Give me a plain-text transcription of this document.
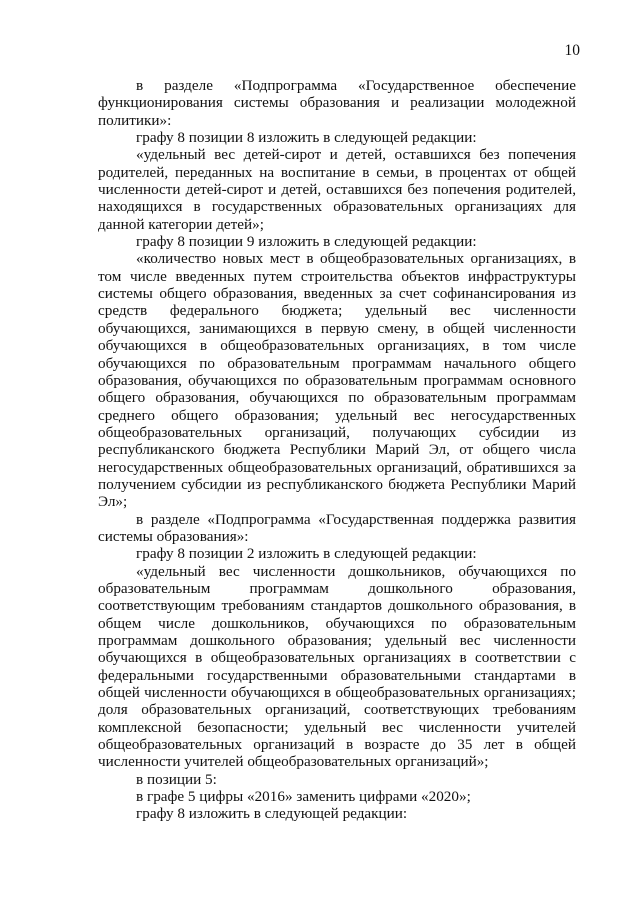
10

в разделе «Подпрограмма «Государственное обеспечение функционирования системы образования и реализации молодежной политики»:

графу 8 позиции 8 изложить в следующей редакции:

«удельный вес детей-сирот и детей, оставшихся без попечения родителей, переданных на воспитание в семьи, в процентах от общей численности детей-сирот и детей, оставшихся без попечения родителей, находящихся в государственных образовательных организациях для данной категории детей»;

графу 8 позиции 9 изложить в следующей редакции:

«количество новых мест в общеобразовательных организациях, в том числе введенных путем строительства объектов инфраструктуры системы общего образования, введенных за счет софинансирования из средств федерального бюджета; удельный вес численности обучающихся, занимающихся в первую смену, в общей численности обучающихся в общеобразовательных организациях, в том числе обучающихся по образовательным программам начального общего образования, обучающихся по образовательным программам основного общего образования, обучающихся по образовательным программам среднего общего образования; удельный вес негосударственных общеобразовательных организаций, получающих субсидии из республиканского бюджета Республики Марий Эл, от общего числа негосударственных общеобразовательных организаций, обратившихся за получением субсидии из республиканского бюджета Республики Марий Эл»;

в разделе «Подпрограмма «Государственная поддержка развития системы образования»:

графу 8 позиции 2 изложить в следующей редакции:

«удельный вес численности дошкольников, обучающихся по образовательным программам дошкольного образования, соответствующим требованиям стандартов дошкольного образования, в общем числе дошкольников, обучающихся по образовательным программам дошкольного образования; удельный вес численности обучающихся в общеобразовательных организациях в соответствии с федеральными государственными образовательными стандартами в общей численности обучающихся в общеобразовательных организациях; доля образовательных организаций, соответствующих требованиям комплексной безопасности; удельный вес численности учителей общеобразовательных организаций в возрасте до 35 лет в общей численности учителей общеобразовательных организаций»;

в позиции 5:

в графе 5 цифры «2016» заменить цифрами «2020»;

графу 8 изложить в следующей редакции:
